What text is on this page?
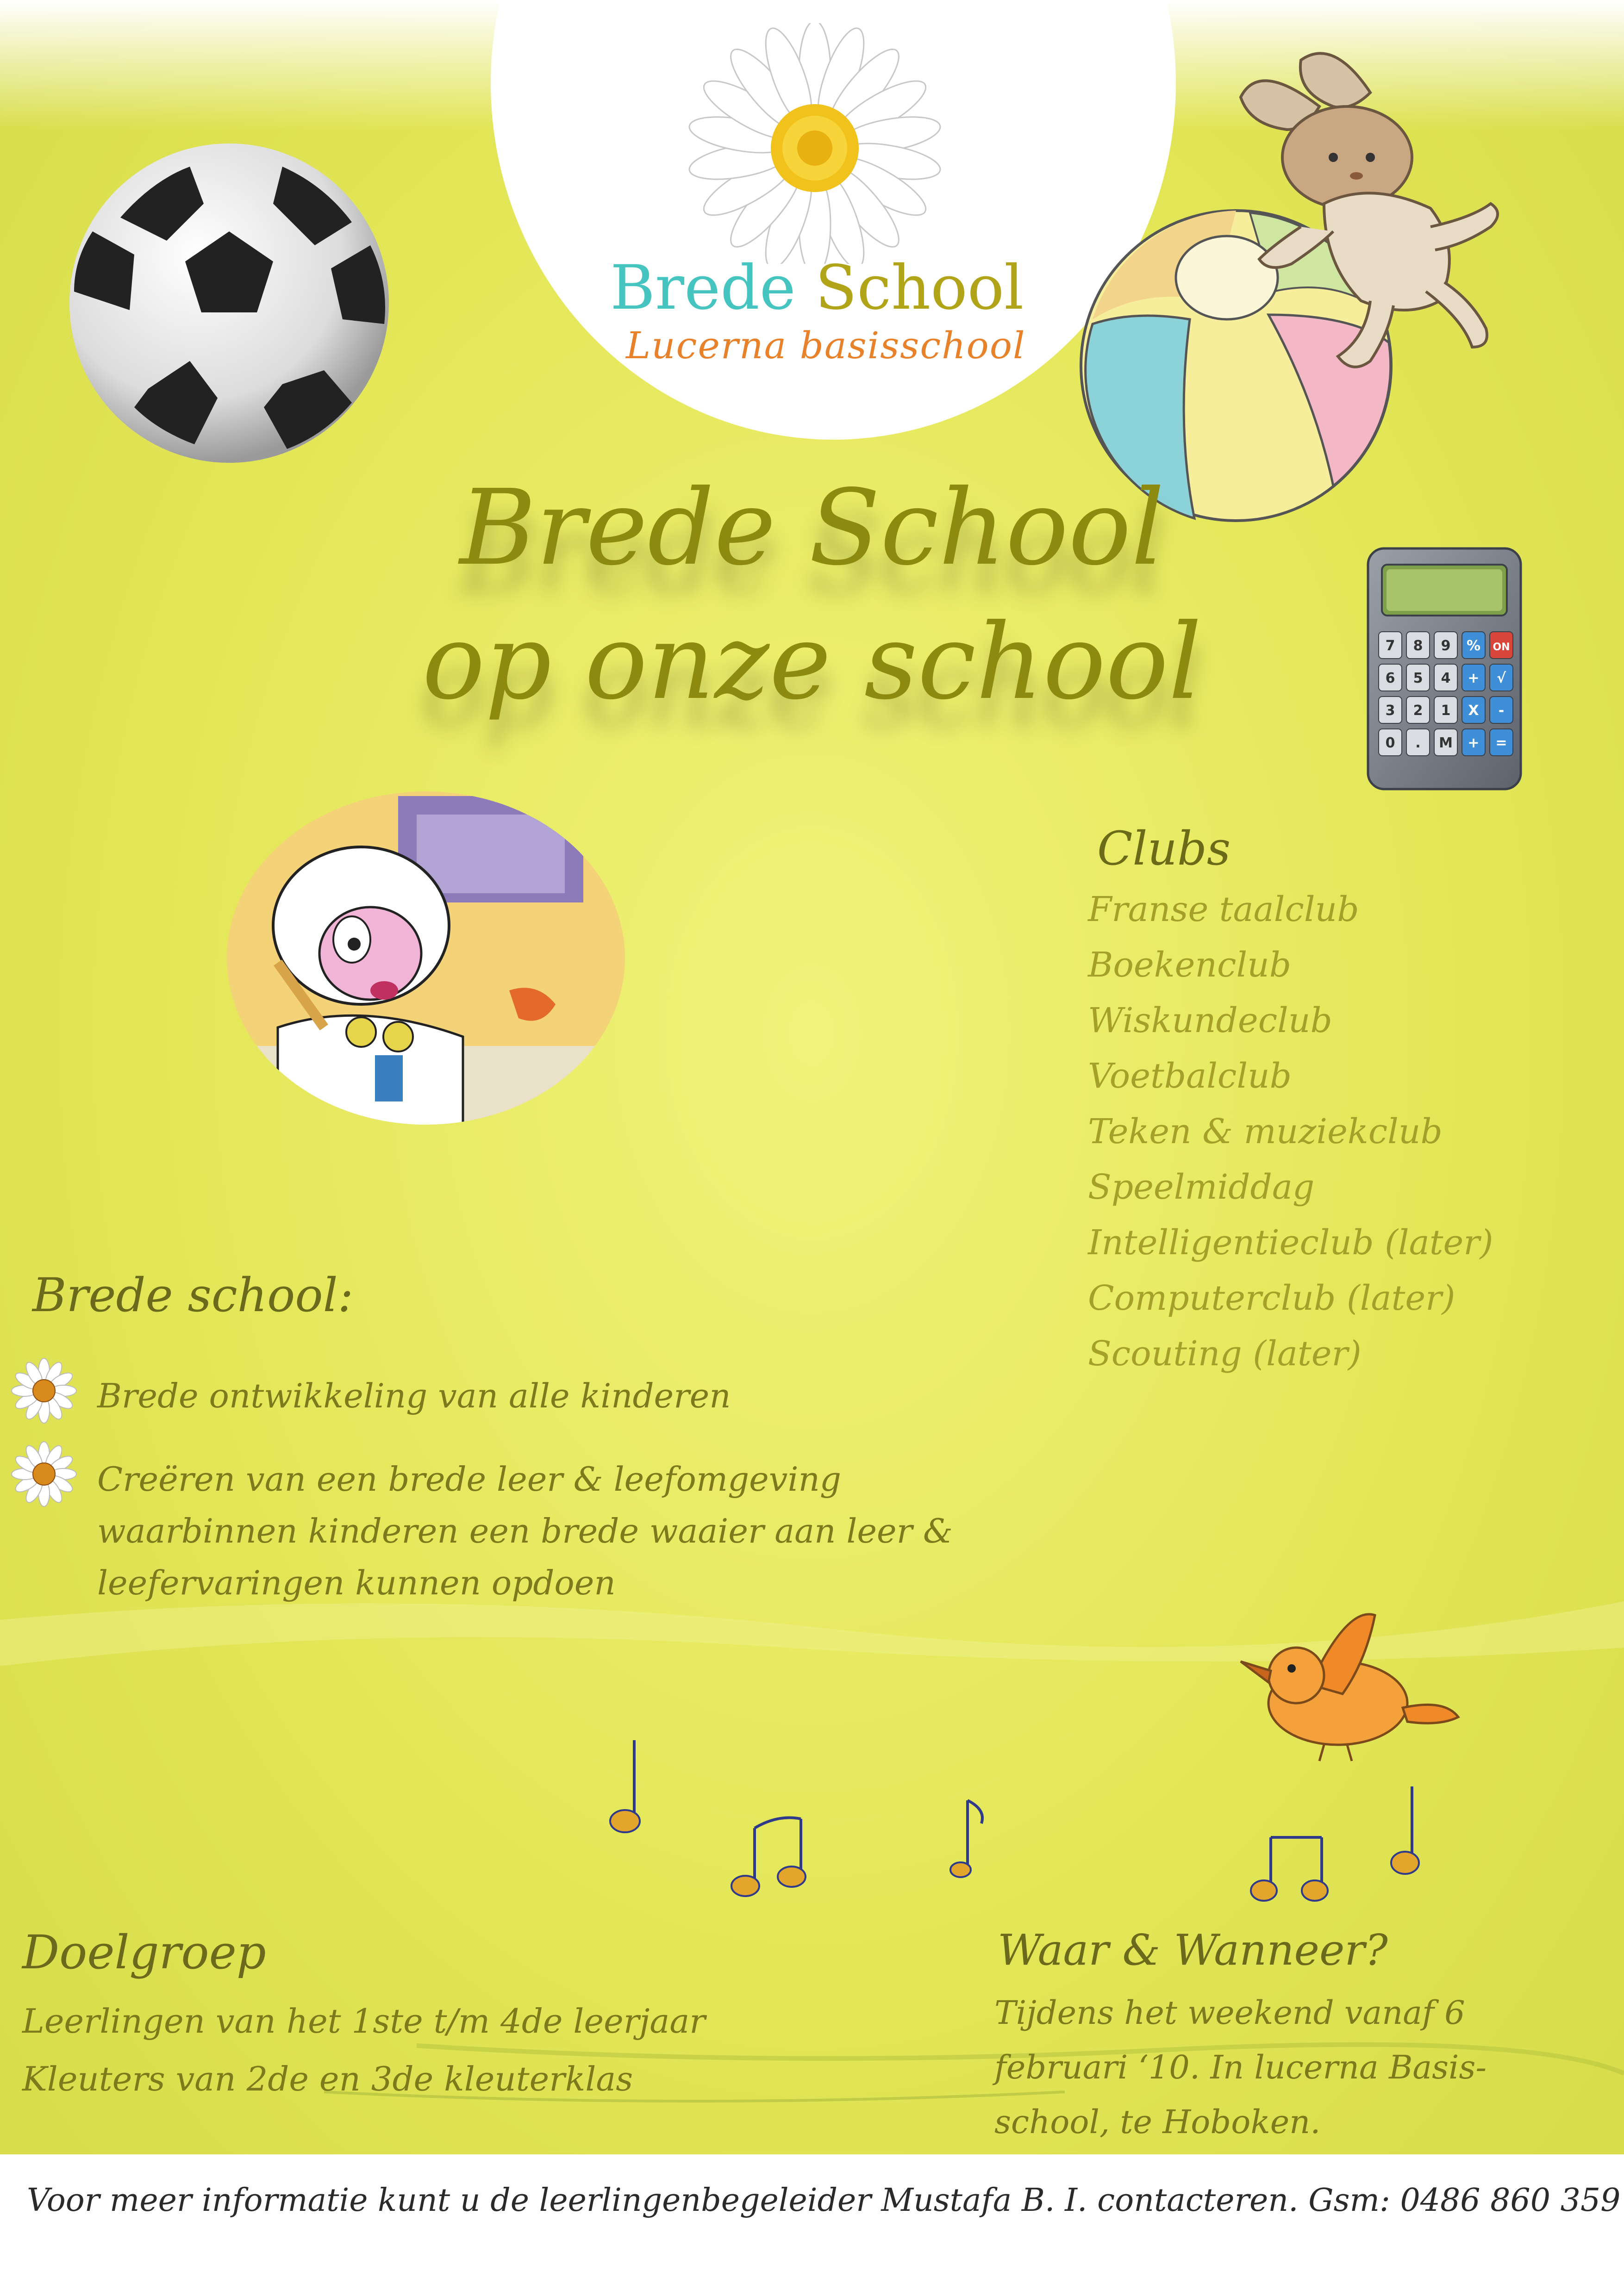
Brede School
Lucerna basisschool
Brede School
op onze school	7 8 9 % ON
6 5 4 + √
3 2 1 X -
0 . M + =
Clubs
Franse taalclub
Boekenclub
Wiskundeclub
Voetbalclub
Teken & muziekclub
Speelmiddag
Intelligentieclub (later)
Computerclub (later)
Scouting (later)
Brede school:
Brede ontwikkeling van alle kinderen
Creëren van een brede leer & leefomgeving waarbinnen kinderen een brede waaier aan leer & leefervaringen kunnen opdoen
Doelgroep
Leerlingen van het 1ste t/m 4de leerjaar
Kleuters van 2de en 3de kleuterklas
Waar & Wanneer?
Tijdens het weekend vanaf 6 februari ‘10. In lucerna Basis-school, te Hoboken.
Voor meer informatie kunt u de leerlingenbegeleider Mustafa B. I. contacteren. Gsm: 0486 860 359
